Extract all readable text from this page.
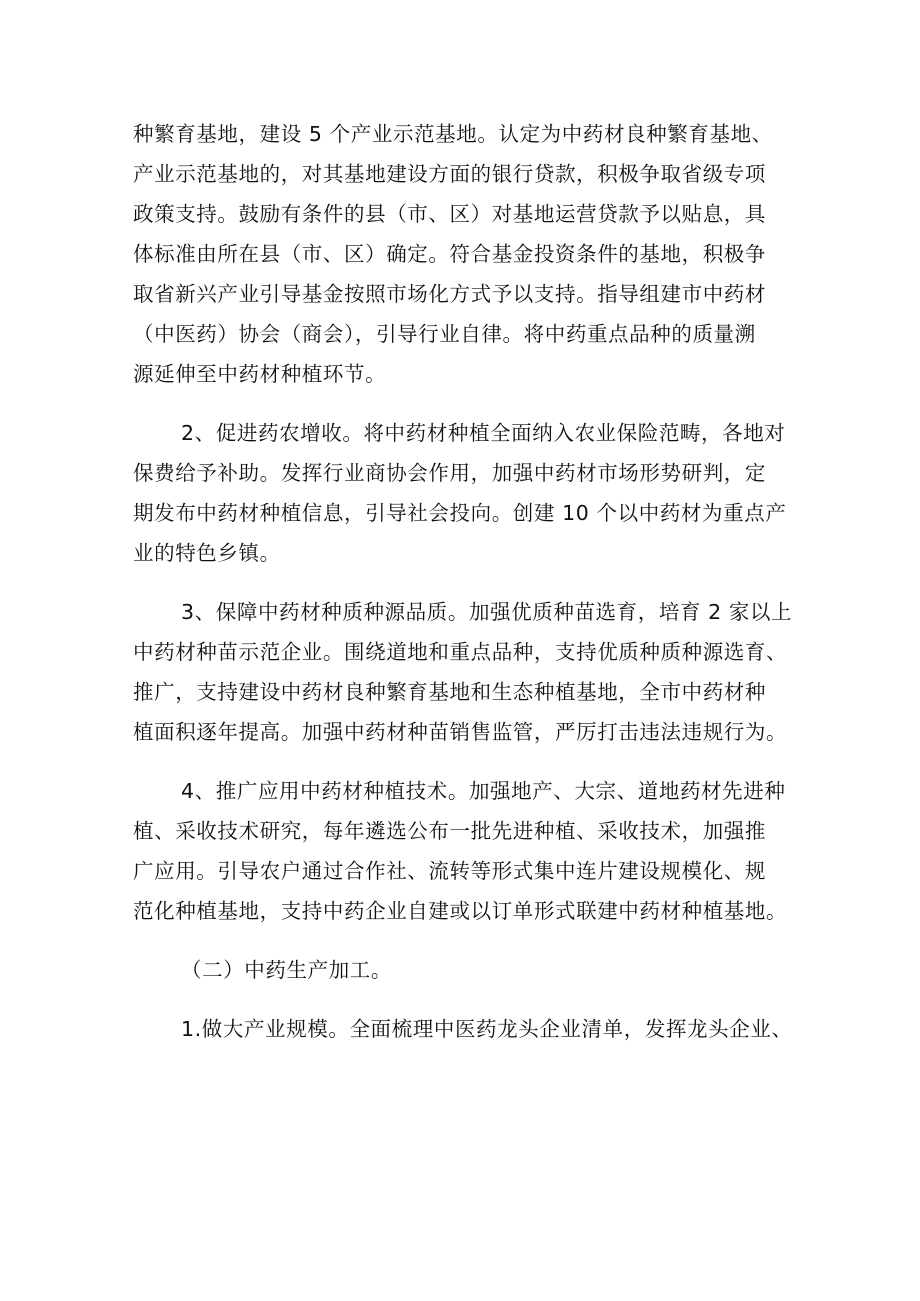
种繁育基地，建设 5 个产业示范基地。认定为中药材良种繁育基地、
产业示范基地的，对其基地建设方面的银行贷款，积极争取省级专项
政策支持。鼓励有条件的县（市、区）对基地运营贷款予以贴息，具
体标准由所在县（市、区）确定。符合基金投资条件的基地，积极争
取省新兴产业引导基金按照市场化方式予以支持。指导组建市中药材
（中医药）协会（商会），引导行业自律。将中药重点品种的质量溯
源延伸至中药材种植环节。
2、促进药农增收。将中药材种植全面纳入农业保险范畴，各地对
保费给予补助。发挥行业商协会作用，加强中药材市场形势研判，定
期发布中药材种植信息，引导社会投向。创建 10 个以中药材为重点产
业的特色乡镇。
3、保障中药材种质种源品质。加强优质种苗选育，培育 2 家以上
中药材种苗示范企业。围绕道地和重点品种，支持优质种质种源选育、
推广，支持建设中药材良种繁育基地和生态种植基地，全市中药材种
植面积逐年提高。加强中药材种苗销售监管，严厉打击违法违规行为。
4、推广应用中药材种植技术。加强地产、大宗、道地药材先进种
植、采收技术研究，每年遴选公布一批先进种植、采收技术，加强推
广应用。引导农户通过合作社、流转等形式集中连片建设规模化、规
范化种植基地，支持中药企业自建或以订单形式联建中药材种植基地。
（二）中药生产加工。
1.做大产业规模。全面梳理中医药龙头企业清单，发挥龙头企业、
